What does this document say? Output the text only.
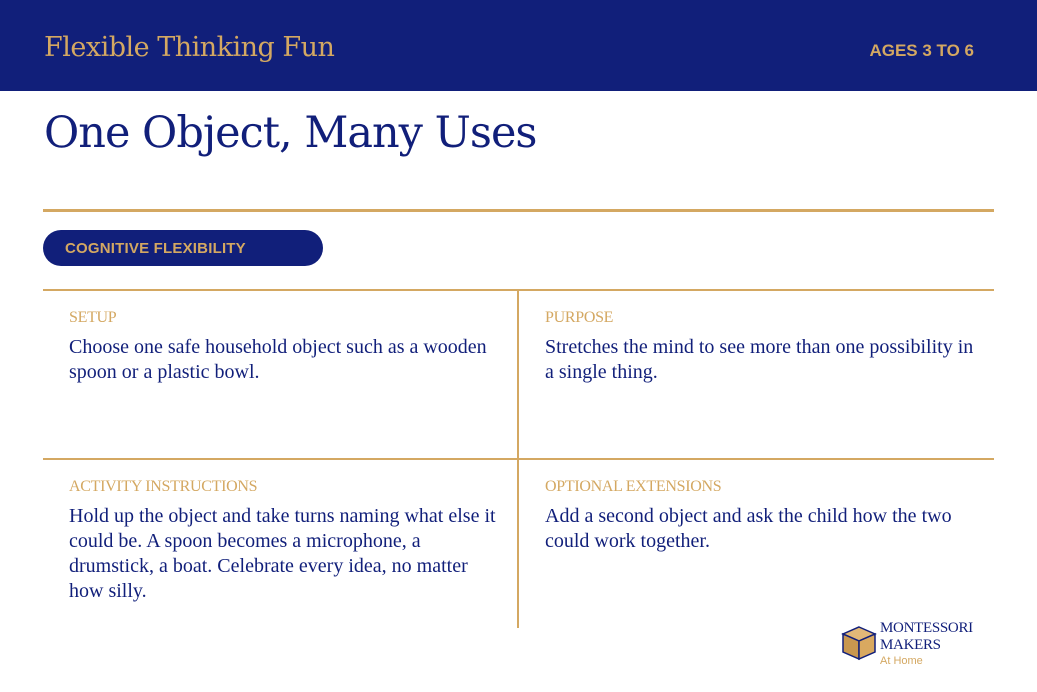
Flexible Thinking Fun	AGES 3 TO 6
One Object, Many Uses
COGNITIVE FLEXIBILITY
SETUP
Choose one safe household object such as a wooden spoon or a plastic bowl.
PURPOSE
Stretches the mind to see more than one possibility in a single thing.
ACTIVITY INSTRUCTIONS
Hold up the object and take turns naming what else it could be. A spoon becomes a microphone, a drumstick, a boat. Celebrate every idea, no matter how silly.
OPTIONAL EXTENSIONS
Add a second object and ask the child how the two could work together.
MONTESSORI
MAKERS
At Home
